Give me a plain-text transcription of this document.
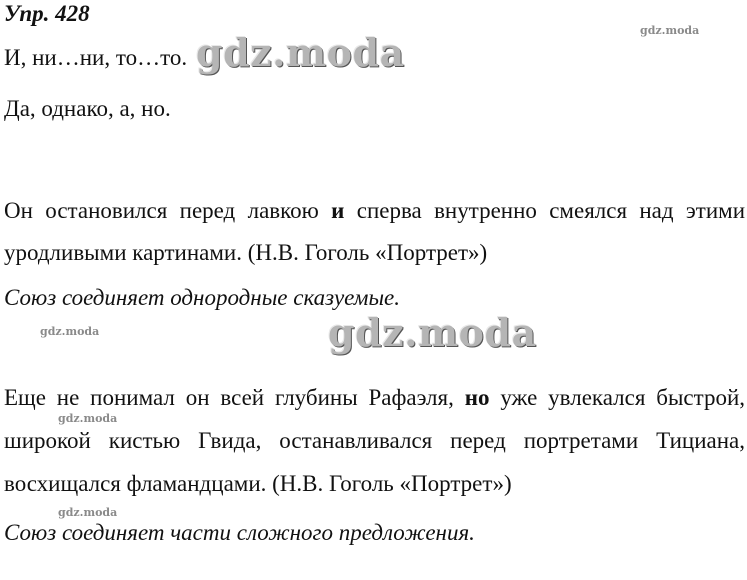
Упр. 428
gdz.moda
И, ни…ни, то…то. gdz.moda
Да, однако, а, но.
Он остановился перед лавкою и сперва внутренно смеялся над этими
уродливыми картинами. (Н.В. Гоголь «Портрет»)
Союз соединяет однородные сказуемые.
gdz.moda	gdz.moda
Еще не понимал он всей глубины Рафаэля, но уже увлекался быстрой,
gdz.moda
широкой кистью Гвида, останавливался перед портретами Тициана,
восхищался фламандцами. (Н.В. Гоголь «Портрет»)
gdz.moda
Союз соединяет части сложного предложения.
